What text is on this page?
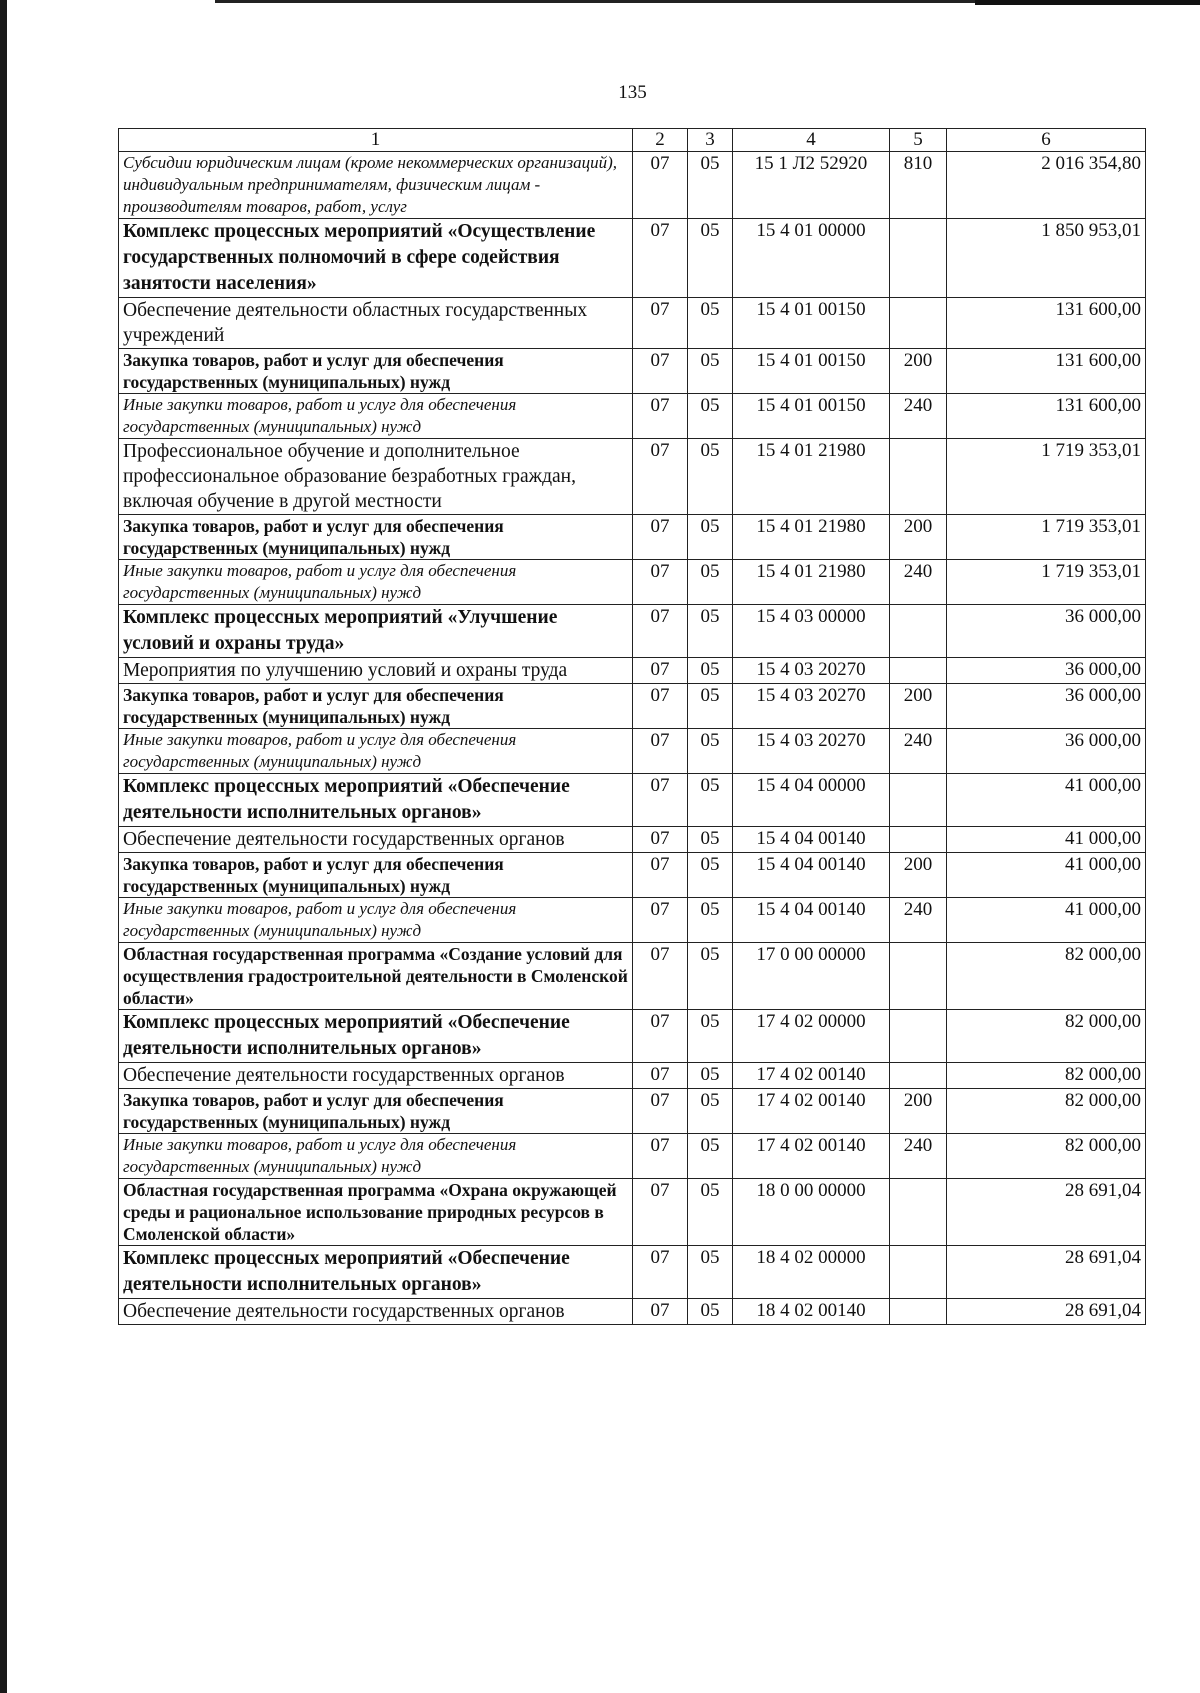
135
1	2	3	4	5	6
Субсидии юридическим лицам (кроме некоммерческих организаций), индивидуальным предпринимателям, физическим лицам - производителям товаров, работ, услуг	07	05	15 1 Л2 52920	810	2 016 354,80
Комплекс процессных мероприятий «Осуществление государственных полномочий в сфере содействия занятости населения»	07	05	15 4 01 00000		1 850 953,01
Обеспечение деятельности областных государственных учреждений	07	05	15 4 01 00150		131 600,00
Закупка товаров, работ и услуг для обеспечения государственных (муниципальных) нужд	07	05	15 4 01 00150	200	131 600,00
Иные закупки товаров, работ и услуг для обеспечения государственных (муниципальных) нужд	07	05	15 4 01 00150	240	131 600,00
Профессиональное обучение и дополнительное профессиональное образование безработных граждан, включая обучение в другой местности	07	05	15 4 01 21980		1 719 353,01
Закупка товаров, работ и услуг для обеспечения государственных (муниципальных) нужд	07	05	15 4 01 21980	200	1 719 353,01
Иные закупки товаров, работ и услуг для обеспечения государственных (муниципальных) нужд	07	05	15 4 01 21980	240	1 719 353,01
Комплекс процессных мероприятий «Улучшение условий и охраны труда»	07	05	15 4 03 00000		36 000,00
Мероприятия по улучшению условий и охраны труда	07	05	15 4 03 20270		36 000,00
Закупка товаров, работ и услуг для обеспечения государственных (муниципальных) нужд	07	05	15 4 03 20270	200	36 000,00
Иные закупки товаров, работ и услуг для обеспечения государственных (муниципальных) нужд	07	05	15 4 03 20270	240	36 000,00
Комплекс процессных мероприятий «Обеспечение деятельности исполнительных органов»	07	05	15 4 04 00000		41 000,00
Обеспечение деятельности государственных органов	07	05	15 4 04 00140		41 000,00
Закупка товаров, работ и услуг для обеспечения государственных (муниципальных) нужд	07	05	15 4 04 00140	200	41 000,00
Иные закупки товаров, работ и услуг для обеспечения государственных (муниципальных) нужд	07	05	15 4 04 00140	240	41 000,00
Областная государственная программа «Создание условий для осуществления градостроительной деятельности в Смоленской области»	07	05	17 0 00 00000		82 000,00
Комплекс процессных мероприятий «Обеспечение деятельности исполнительных органов»	07	05	17 4 02 00000		82 000,00
Обеспечение деятельности государственных органов	07	05	17 4 02 00140		82 000,00
Закупка товаров, работ и услуг для обеспечения государственных (муниципальных) нужд	07	05	17 4 02 00140	200	82 000,00
Иные закупки товаров, работ и услуг для обеспечения государственных (муниципальных) нужд	07	05	17 4 02 00140	240	82 000,00
Областная государственная программа «Охрана окружающей среды и рациональное использование природных ресурсов в Смоленской области»	07	05	18 0 00 00000		28 691,04
Комплекс процессных мероприятий «Обеспечение деятельности исполнительных органов»	07	05	18 4 02 00000		28 691,04
Обеспечение деятельности государственных органов	07	05	18 4 02 00140		28 691,04
